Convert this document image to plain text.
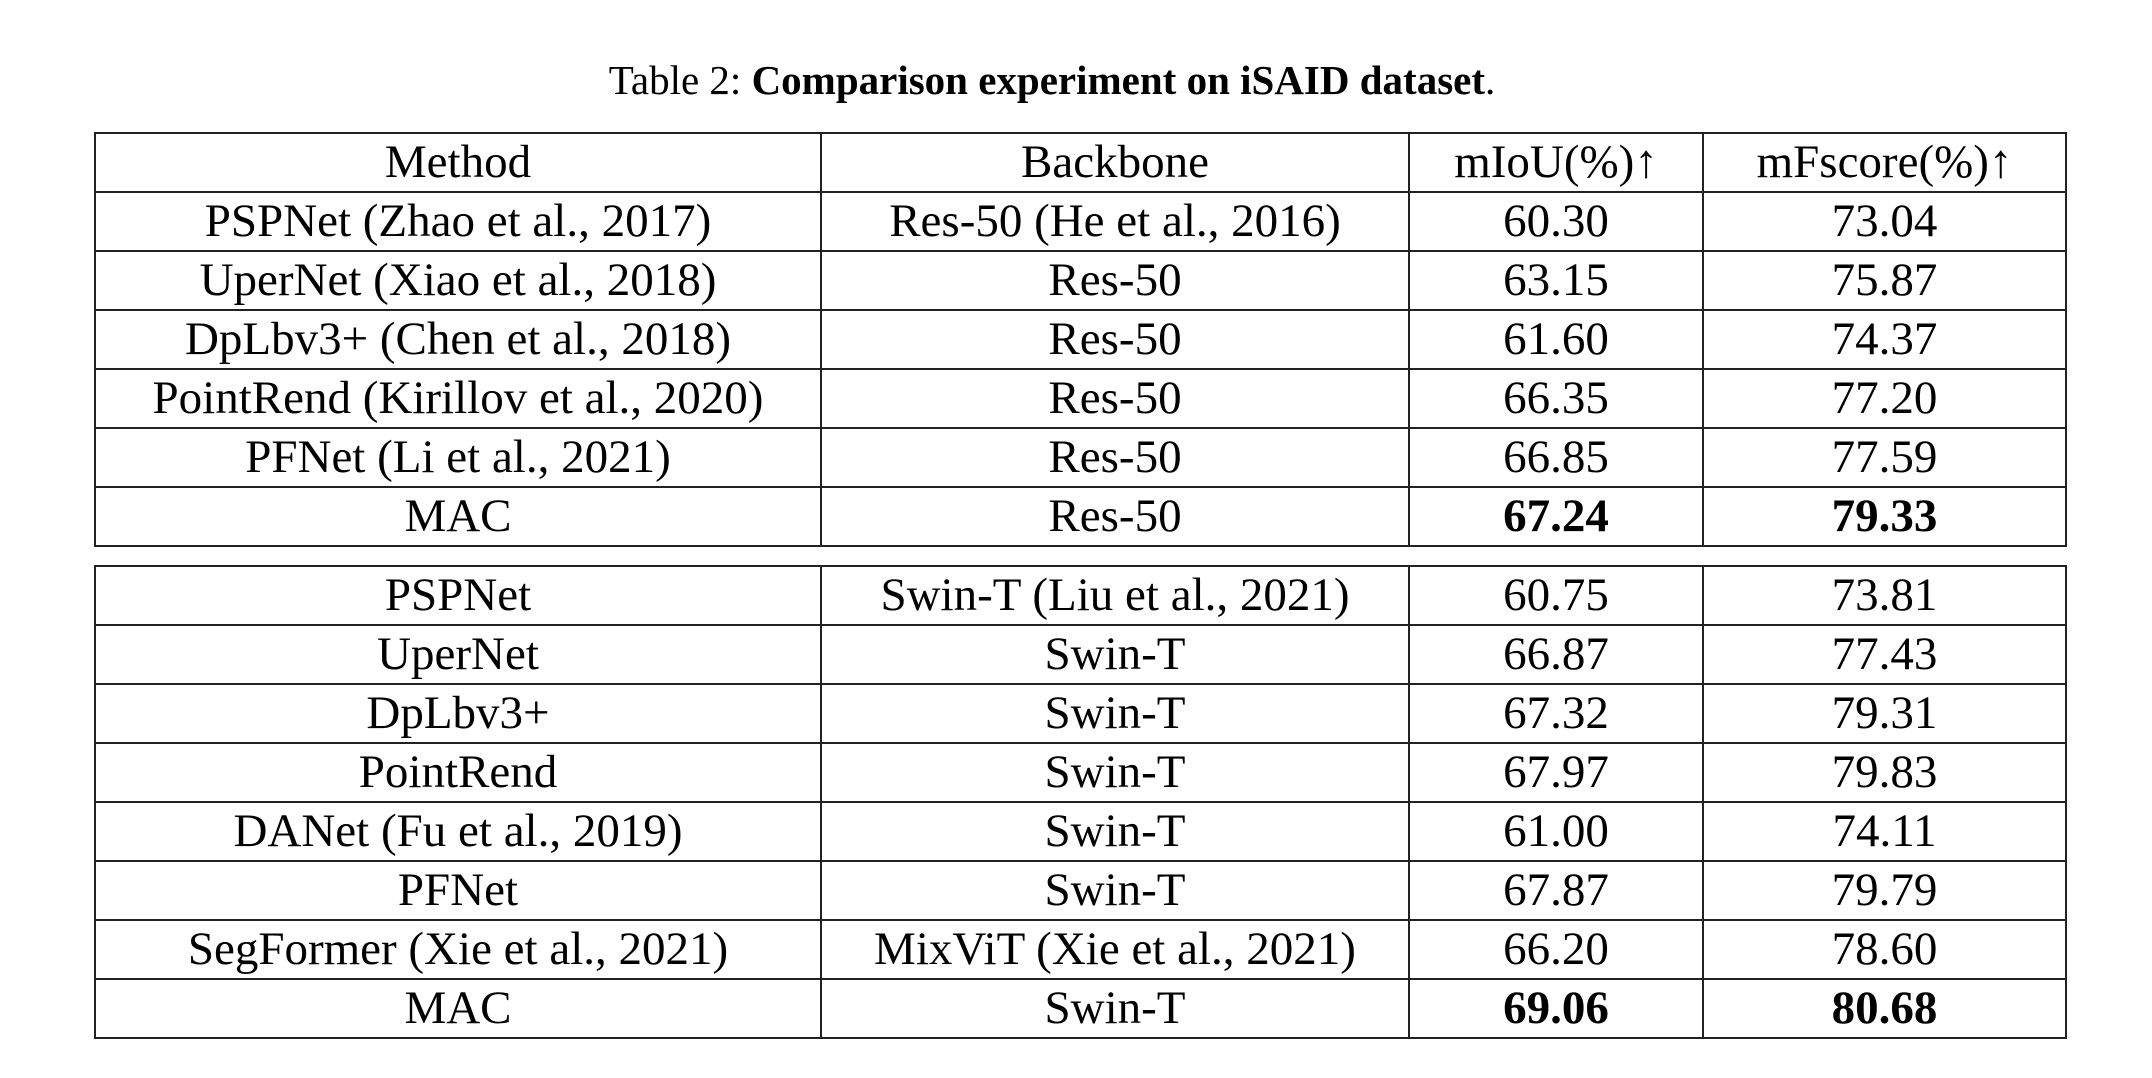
Table 2: Comparison experiment on iSAID dataset.
Method	Backbone	mIoU(%)↑	mFscore(%)↑
PSPNet (Zhao et al., 2017)	Res-50 (He et al., 2016)	60.30	73.04
UperNet (Xiao et al., 2018)	Res-50	63.15	75.87
DpLbv3+ (Chen et al., 2018)	Res-50	61.60	74.37
PointRend (Kirillov et al., 2020)	Res-50	66.35	77.20
PFNet (Li et al., 2021)	Res-50	66.85	77.59
MAC	Res-50	67.24	79.33
PSPNet	Swin-T (Liu et al., 2021)	60.75	73.81
UperNet	Swin-T	66.87	77.43
DpLbv3+	Swin-T	67.32	79.31
PointRend	Swin-T	67.97	79.83
DANet (Fu et al., 2019)	Swin-T	61.00	74.11
PFNet	Swin-T	67.87	79.79
SegFormer (Xie et al., 2021)	MixViT (Xie et al., 2021)	66.20	78.60
MAC	Swin-T	69.06	80.68
